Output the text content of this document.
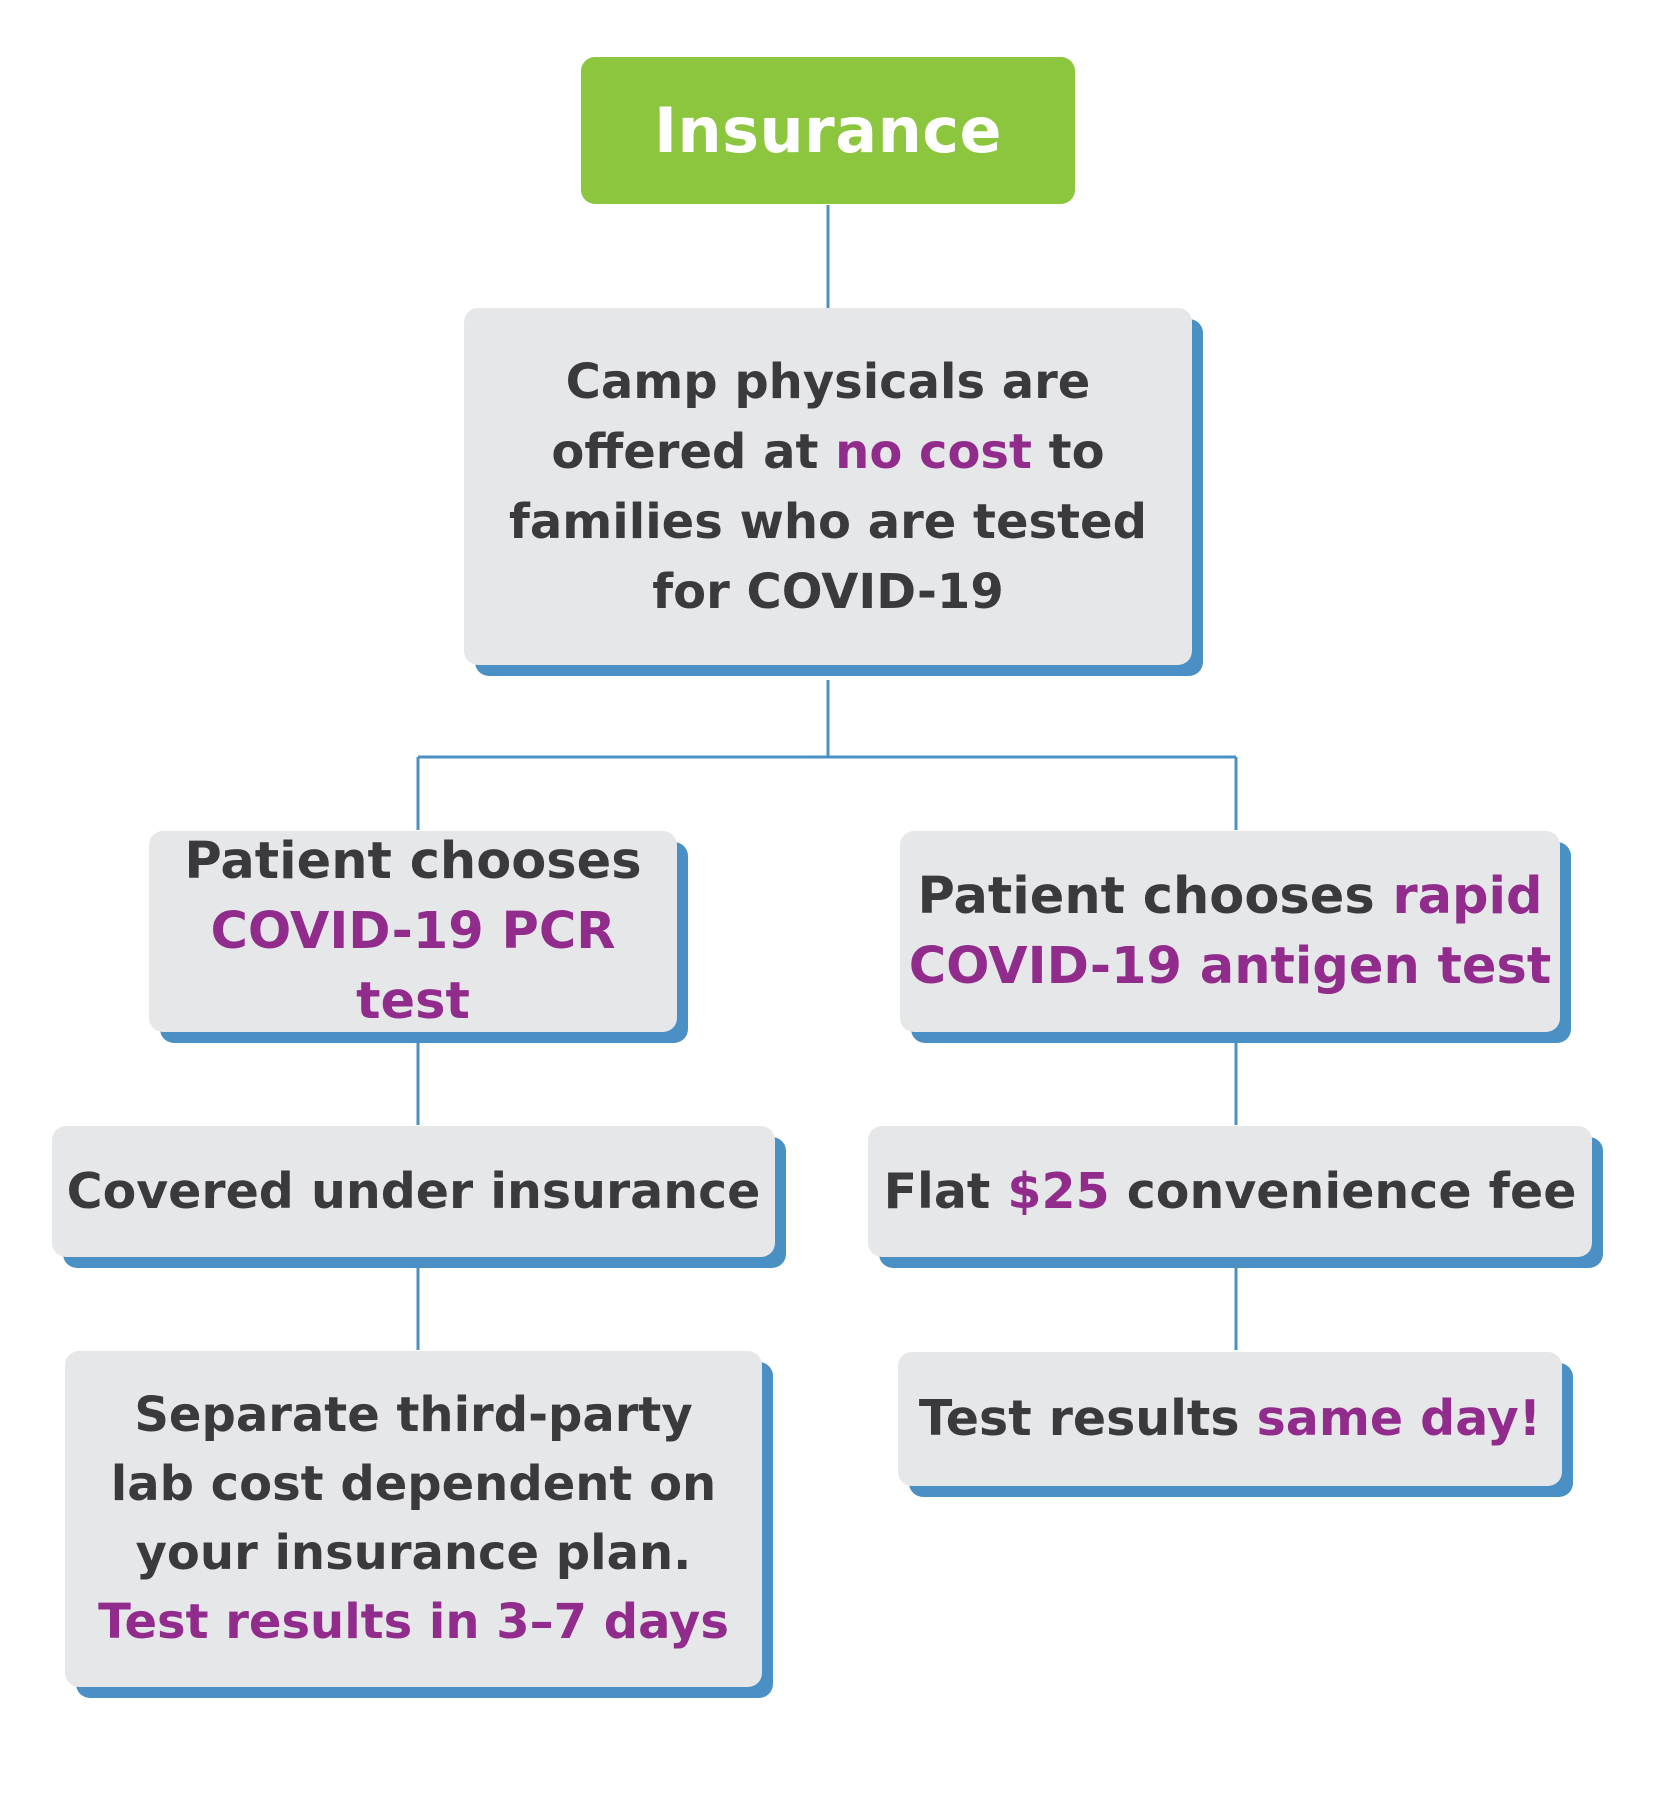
Insurance

Camp physicals are

offered at no cost to

families who are tested

for COVID-19

Patient chooses

COVID-19 PCR test

Patient chooses rapid

COVID-19 antigen test

Covered under insurance	Flat $25 convenience fee

Separate third-party

lab cost dependent on

your insurance plan.

Test results in 3–7 days

Test results same day!
